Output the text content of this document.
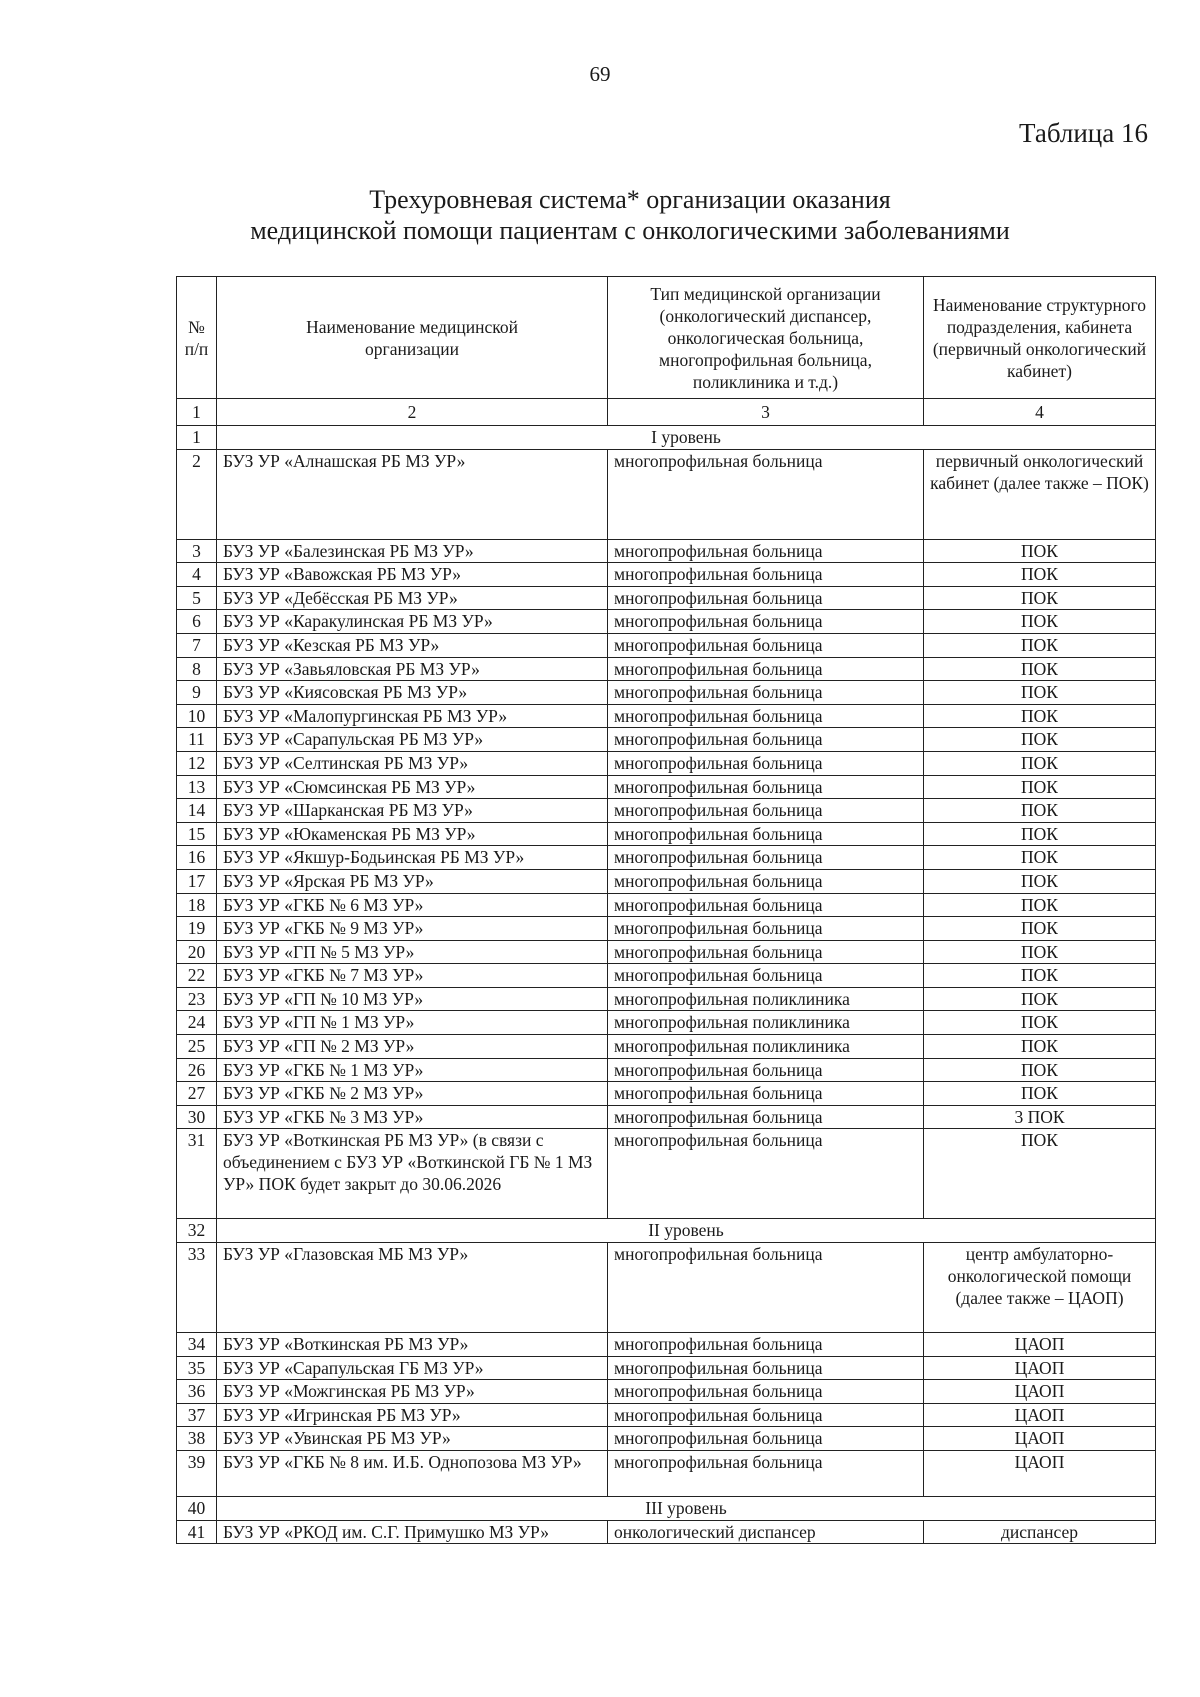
69
Таблица 16
Трехуровневая система* организации оказания
медицинской помощи пациентам с онкологическими заболеваниями
№ п/п	Наименование медицинской организации	Тип медицинской организации (онкологический диспансер, онкологическая больница, многопрофильная больница, поликлиника и т.д.)	Наименование структурного подразделения, кабинета (первичный онкологический кабинет)
1	2	3	4
1	I уровень		
2	БУЗ УР «Алнашская РБ МЗ УР»	многопрофильная больница	первичный онкологический кабинет (далее также – ПОК)
3	БУЗ УР «Балезинская РБ МЗ УР»	многопрофильная больница	ПОК
4	БУЗ УР «Вавожская РБ МЗ УР»	многопрофильная больница	ПОК
5	БУЗ УР «Дебёсская РБ МЗ УР»	многопрофильная больница	ПОК
6	БУЗ УР «Каракулинская РБ МЗ УР»	многопрофильная больница	ПОК
7	БУЗ УР «Кезская РБ МЗ УР»	многопрофильная больница	ПОК
8	БУЗ УР «Завьяловская РБ МЗ УР»	многопрофильная больница	ПОК
9	БУЗ УР «Киясовская РБ МЗ УР»	многопрофильная больница	ПОК
10	БУЗ УР «Малопургинская РБ МЗ УР»	многопрофильная больница	ПОК
11	БУЗ УР «Сарапульская РБ МЗ УР»	многопрофильная больница	ПОК
12	БУЗ УР «Селтинская РБ МЗ УР»	многопрофильная больница	ПОК
13	БУЗ УР «Сюмсинская РБ МЗ УР»	многопрофильная больница	ПОК
14	БУЗ УР «Шарканская РБ МЗ УР»	многопрофильная больница	ПОК
15	БУЗ УР «Юкаменская РБ МЗ УР»	многопрофильная больница	ПОК
16	БУЗ УР «Якшур-Бодьинская РБ МЗ УР»	многопрофильная больница	ПОК
17	БУЗ УР «Ярская РБ МЗ УР»	многопрофильная больница	ПОК
18	БУЗ УР «ГКБ № 6 МЗ УР»	многопрофильная больница	ПОК
19	БУЗ УР «ГКБ № 9 МЗ УР»	многопрофильная больница	ПОК
20	БУЗ УР «ГП № 5 МЗ УР»	многопрофильная больница	ПОК
22	БУЗ УР «ГКБ № 7 МЗ УР»	многопрофильная больница	ПОК
23	БУЗ УР «ГП № 10 МЗ УР»	многопрофильная поликлиника	ПОК
24	БУЗ УР «ГП № 1 МЗ УР»	многопрофильная поликлиника	ПОК
25	БУЗ УР «ГП № 2 МЗ УР»	многопрофильная поликлиника	ПОК
26	БУЗ УР «ГКБ № 1 МЗ УР»	многопрофильная больница	ПОК
27	БУЗ УР «ГКБ № 2 МЗ УР»	многопрофильная больница	ПОК
30	БУЗ УР «ГКБ № 3 МЗ УР»	многопрофильная больница	3 ПОК
31	БУЗ УР «Воткинская РБ МЗ УР» (в связи с объединением с БУЗ УР «Воткинской ГБ № 1 МЗ УР» ПОК будет закрыт до 30.06.2026	многопрофильная больница	ПОК
32	II уровень		
33	БУЗ УР «Глазовская МБ МЗ УР»	многопрофильная больница	центр амбулаторно-онкологической помощи (далее также – ЦАОП)
34	БУЗ УР «Воткинская РБ МЗ УР»	многопрофильная больница	ЦАОП
35	БУЗ УР «Сарапульская ГБ МЗ УР»	многопрофильная больница	ЦАОП
36	БУЗ УР «Можгинская РБ МЗ УР»	многопрофильная больница	ЦАОП
37	БУЗ УР «Игринская РБ МЗ УР»	многопрофильная больница	ЦАОП
38	БУЗ УР «Увинская РБ МЗ УР»	многопрофильная больница	ЦАОП
39	БУЗ УР «ГКБ № 8 им. И.Б. Однопозова МЗ УР»	многопрофильная больница	ЦАОП
40	III уровень		
41	БУЗ УР «РКОД им. С.Г. Примушко МЗ УР»	онкологический диспансер	диспансер
